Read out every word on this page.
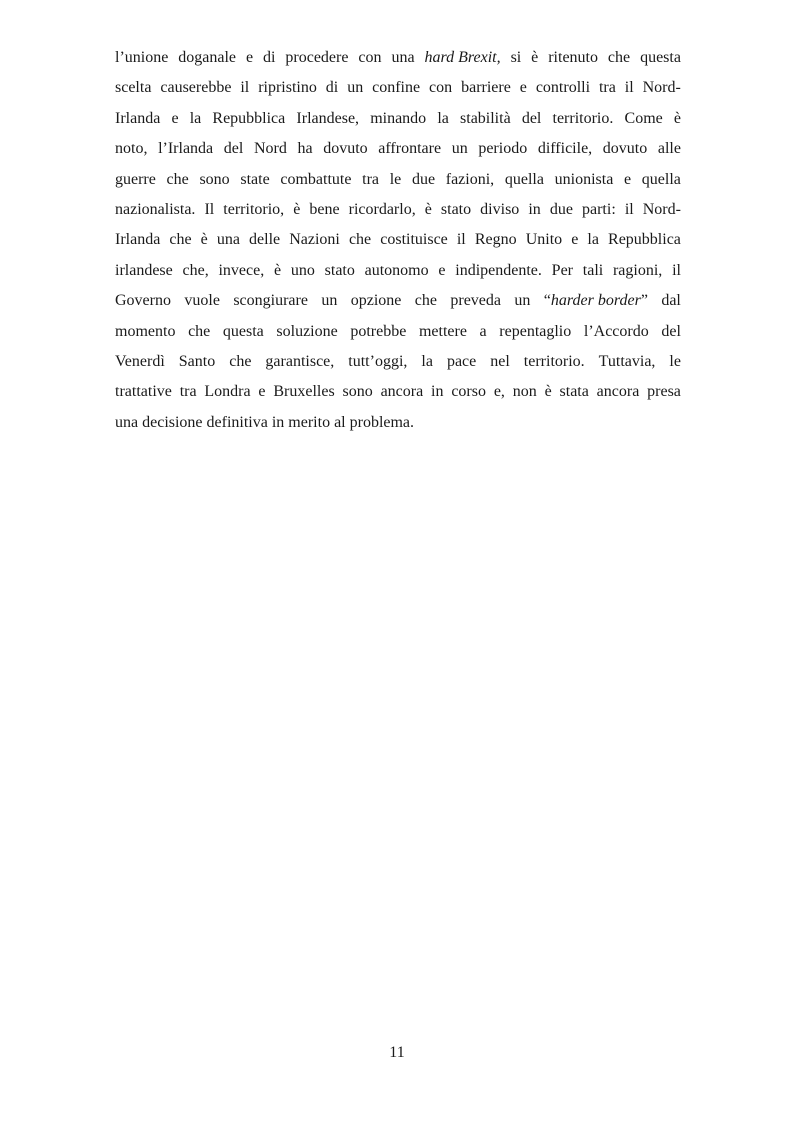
l’unione doganale e di procedere con una hard Brexit, si è ritenuto che questa
scelta causerebbe il ripristino di un confine con barriere e controlli tra il Nord-
Irlanda e la Repubblica Irlandese, minando la stabilità del territorio. Come è
noto, l’Irlanda del Nord ha dovuto affrontare un periodo difficile, dovuto alle
guerre che sono state combattute tra le due fazioni, quella unionista e quella
nazionalista. Il territorio, è bene ricordarlo, è stato diviso in due parti: il Nord-
Irlanda che è una delle Nazioni che costituisce il Regno Unito e la Repubblica
irlandese che, invece, è uno stato autonomo e indipendente. Per tali ragioni, il
Governo vuole scongiurare un opzione che preveda un “harder border” dal
momento che questa soluzione potrebbe mettere a repentaglio l’Accordo del
Venerdì Santo che garantisce, tutt’oggi, la pace nel territorio. Tuttavia, le
trattative tra Londra e Bruxelles sono ancora in corso e, non è stata ancora presa
una decisione definitiva in merito al problema.
11
